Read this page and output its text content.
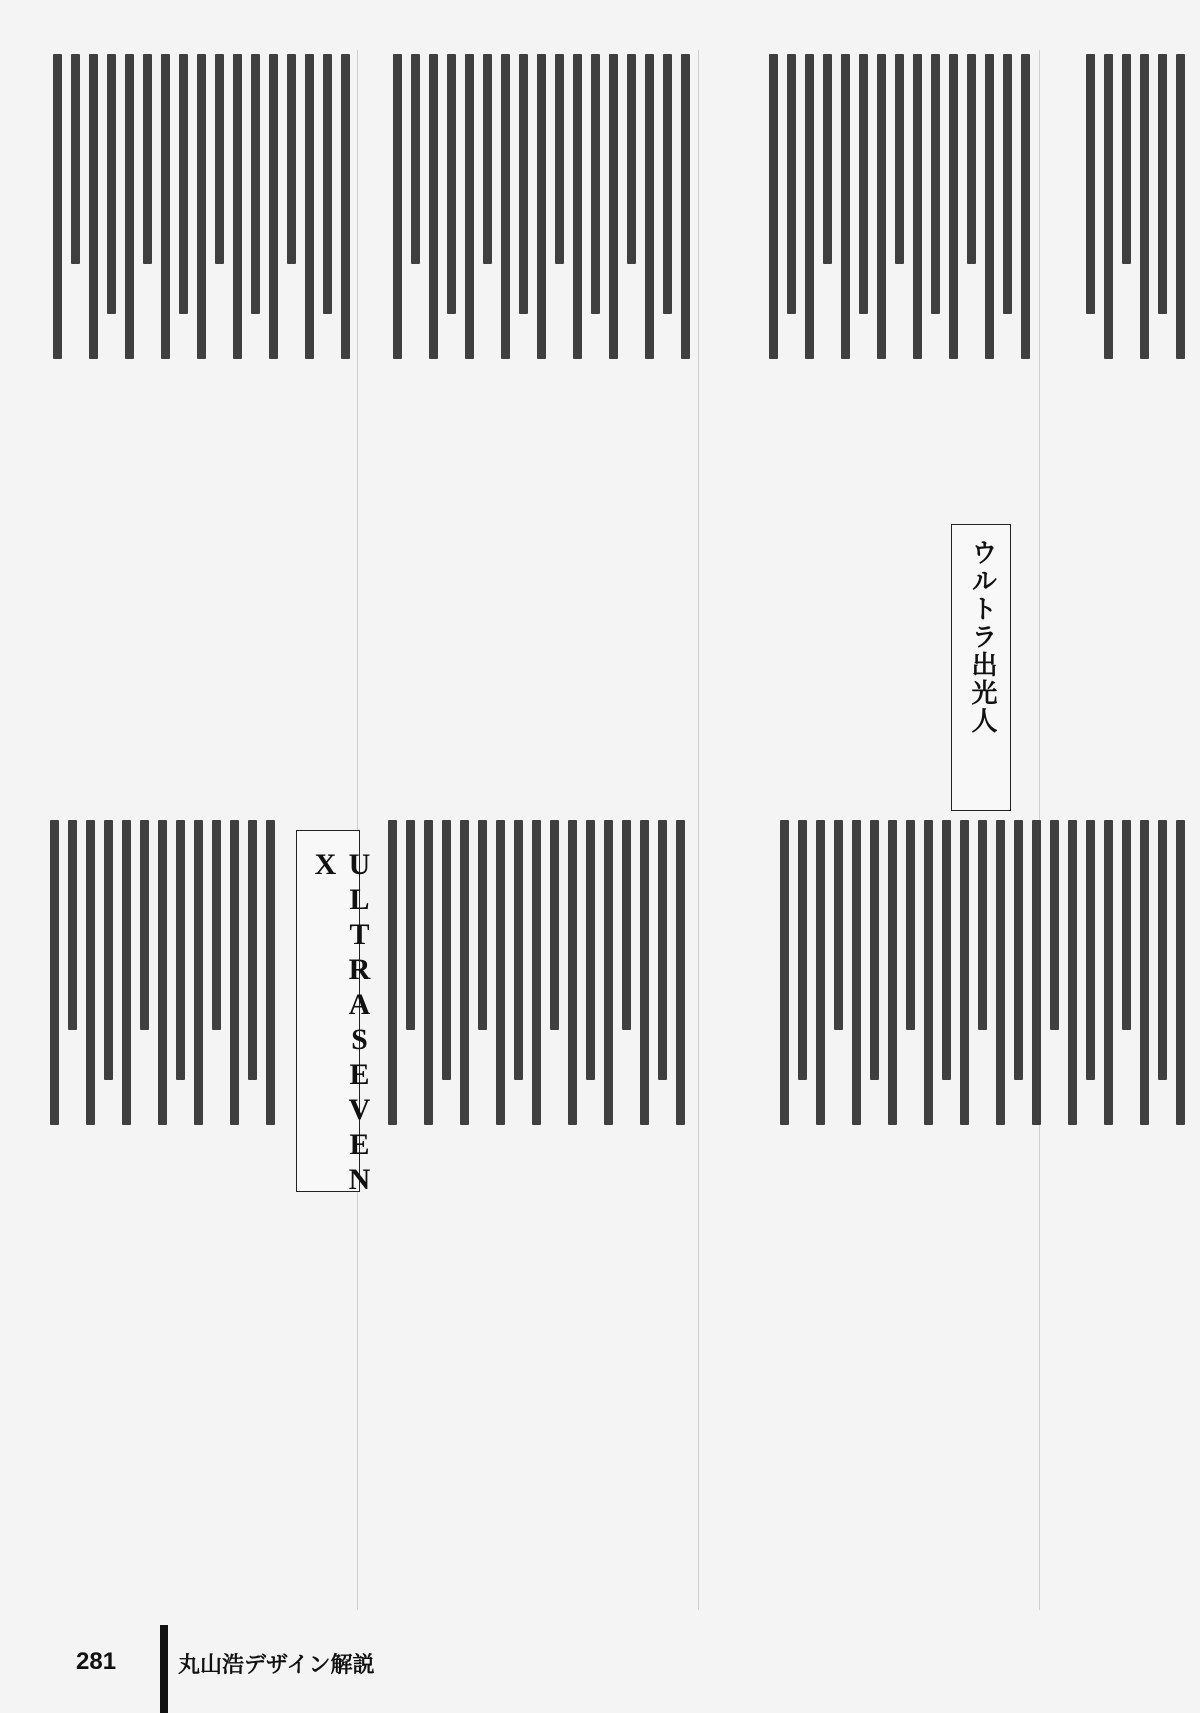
ウルトラ出光人
ULTRASEVEN X
281	丸山浩デザイン解説
